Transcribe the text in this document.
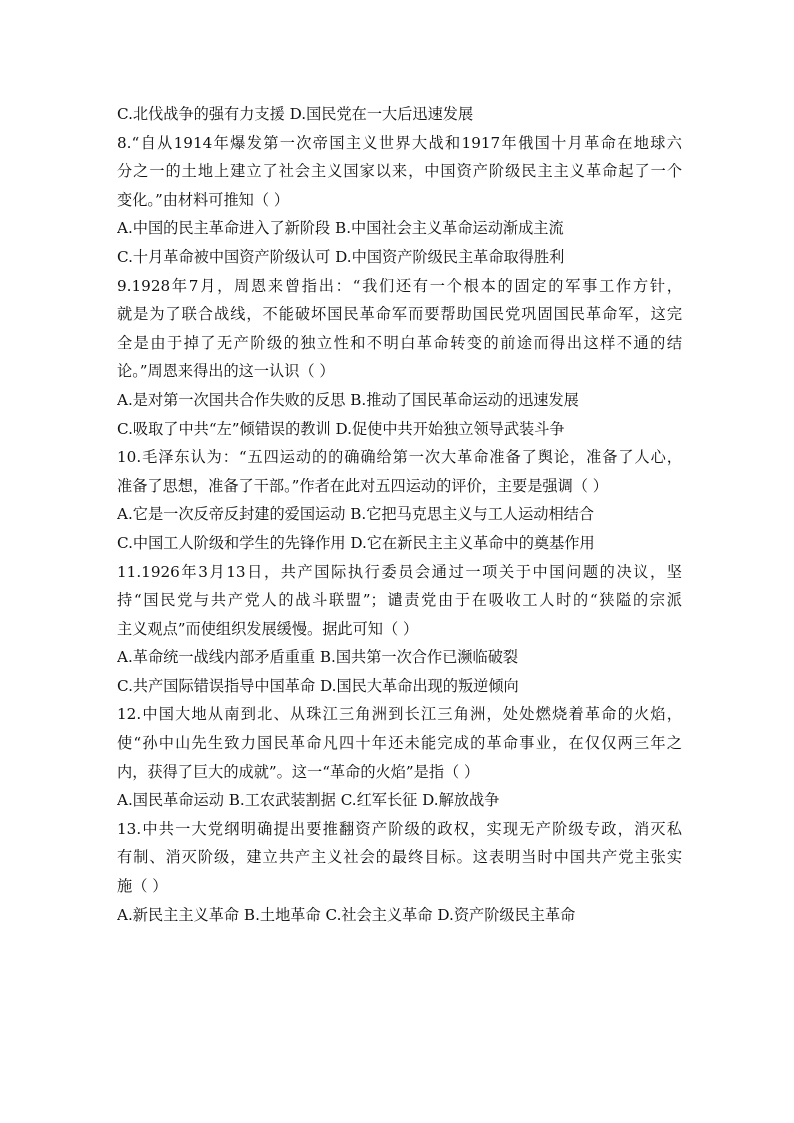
C.北伐战争的强有力支援 D.国民党在一大后迅速发展
8.“自从1914年爆发第一次帝国主义世界大战和1917年俄国十月革命在地球六
分之一的土地上建立了社会主义国家以来，中国资产阶级民主主义革命起了一个
变化。”由材料可推知（ ）
A.中国的民主革命进入了新阶段 B.中国社会主义革命运动渐成主流
C.十月革命被中国资产阶级认可 D.中国资产阶级民主革命取得胜利
9.1928年7月，周恩来曾指出：“我们还有一个根本的固定的军事工作方针，
就是为了联合战线，不能破坏国民革命军而要帮助国民党巩固国民革命军，这完
全是由于掉了无产阶级的独立性和不明白革命转变的前途而得出这样不通的结
论。”周恩来得出的这一认识（ ）
A.是对第一次国共合作失败的反思 B.推动了国民革命运动的迅速发展
C.吸取了中共“左”倾错误的教训 D.促使中共开始独立领导武装斗争
10.毛泽东认为：“五四运动的的确确给第一次大革命准备了舆论，准备了人心，
准备了思想，准备了干部。”作者在此对五四运动的评价，主要是强调（ ）
A.它是一次反帝反封建的爱国运动 B.它把马克思主义与工人运动相结合
C.中国工人阶级和学生的先锋作用 D.它在新民主主义革命中的奠基作用
11.1926年3月13日，共产国际执行委员会通过一项关于中国问题的决议，坚
持“国民党与共产党人的战斗联盟”；谴责党由于在吸收工人时的“狭隘的宗派
主义观点”而使组织发展缓慢。据此可知（ ）
A.革命统一战线内部矛盾重重 B.国共第一次合作已濒临破裂
C.共产国际错误指导中国革命 D.国民大革命出现的叛逆倾向
12.中国大地从南到北、从珠江三角洲到长江三角洲，处处燃烧着革命的火焰，
使“孙中山先生致力国民革命凡四十年还未能完成的革命事业，在仅仅两三年之
内，获得了巨大的成就”。这一“革命的火焰”是指（ ）
A.国民革命运动 B.工农武装割据 C.红军长征 D.解放战争
13.中共一大党纲明确提出要推翻资产阶级的政权，实现无产阶级专政，消灭私
有制、消灭阶级，建立共产主义社会的最终目标。这表明当时中国共产党主张实
施（ ）
A.新民主主义革命 B.土地革命 C.社会主义革命 D.资产阶级民主革命
